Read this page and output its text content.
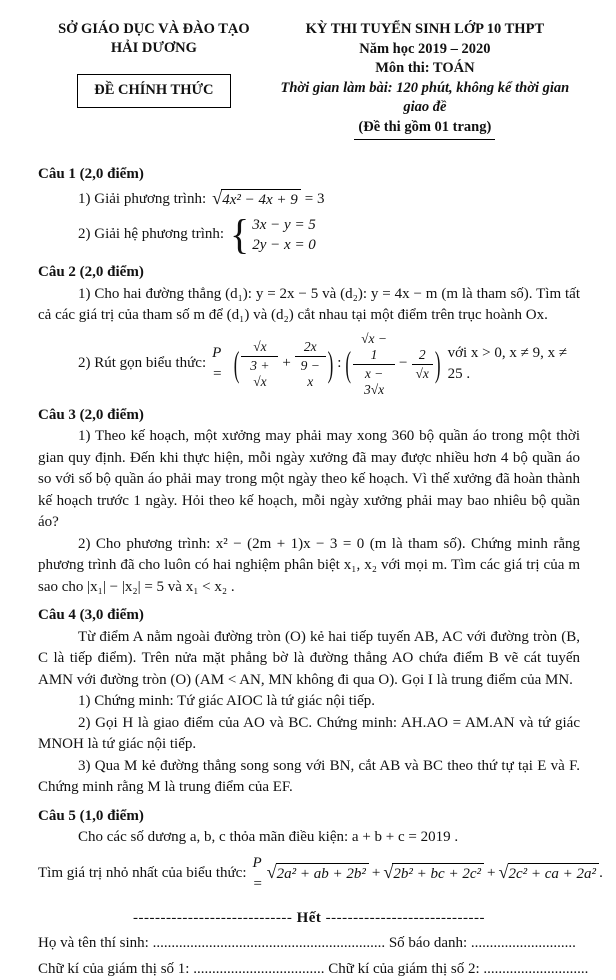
SỞ GIÁO DỤC VÀ ĐÀO TẠO
HẢI DƯƠNG
ĐỀ CHÍNH THỨC
KỲ THI TUYỂN SINH LỚP 10 THPT
Năm học 2019 – 2020
Môn thi: TOÁN
Thời gian làm bài: 120 phút, không kể thời gian giao đề
(Đề thi gồm 01 trang)
Câu 1 (2,0 điểm)
1) Giải phương trình: √ 4x² − 4x + 9 = 3
2) Giải hệ phương trình: { 3x − y = 5
2y − x = 0
Câu 2 (2,0 điểm)
1) Cho hai đường thẳng (d₁): y = 2x − 5 và (d₂): y = 4x − m (m là tham số). Tìm tất cả các giá trị của tham số m để (d₁) và (d₂) cắt nhau tại một điểm trên trục hoành Ox.
2) Rút gọn biểu thức:
P = ( $\frac{√x}{3 + √x} + \frac{2x}{9 - x}$ ) : ( $\frac{√x - 1}{x - 3√x} - \frac{2}{√x}$ ) với x > 0, x ≠ 9, x ≠ 25 .
Câu 3 (2,0 điểm)
1) Theo kế hoạch, một xưởng may phải may xong 360 bộ quần áo trong một thời gian quy định. Đến khi thực hiện, mỗi ngày xưởng đã may được nhiều hơn 4 bộ quần áo so với số bộ quần áo phải may trong một ngày theo kế hoạch. Vì thế xưởng đã hoàn thành kế hoạch trước 1 ngày. Hỏi theo kế hoạch, mỗi ngày xưởng phải may bao nhiêu bộ quần áo?
2) Cho phương trình: x² − (2m + 1)x − 3 = 0 (m là tham số). Chứng minh rằng phương trình đã cho luôn có hai nghiệm phân biệt x₁, x₂ với mọi m. Tìm các giá trị của m sao cho |x₁| − |x₂| = 5 và x₁ < x₂ .
Câu 4 (3,0 điểm)
Từ điểm A nằm ngoài đường tròn (O) kẻ hai tiếp tuyến AB, AC với đường tròn (B, C là tiếp điểm). Trên nửa mặt phẳng bờ là đường thẳng AO chứa điểm B vẽ cát tuyến AMN với đường tròn (O) (AM < AN, MN không đi qua O). Gọi I là trung điểm của MN.
1) Chứng minh: Tứ giác AIOC là tứ giác nội tiếp.
2) Gọi H là giao điểm của AO và BC. Chứng minh: AH.AO = AM.AN và tứ giác MNOH là tứ giác nội tiếp.
3) Qua M kẻ đường thẳng song song với BN, cắt AB và BC theo thứ tự tại E và F. Chứng minh rằng M là trung điểm của EF.
Câu 5 (1,0 điểm)
Cho các số dương a, b, c thỏa mãn điều kiện: a + b + c = 2019 .
Tìm giá trị nhỏ nhất của biểu thức:
P =
√ 2a² + ab + 2b² + √ 2b² + bc + 2c² + √ 2c² + ca + 2a² .
----------------------------- Hết -----------------------------
Họ và tên thí sinh: .............................................................. Số báo danh: ............................
Chữ kí của giám thị số 1: ................................... Chữ kí của giám thị số 2: ............................
